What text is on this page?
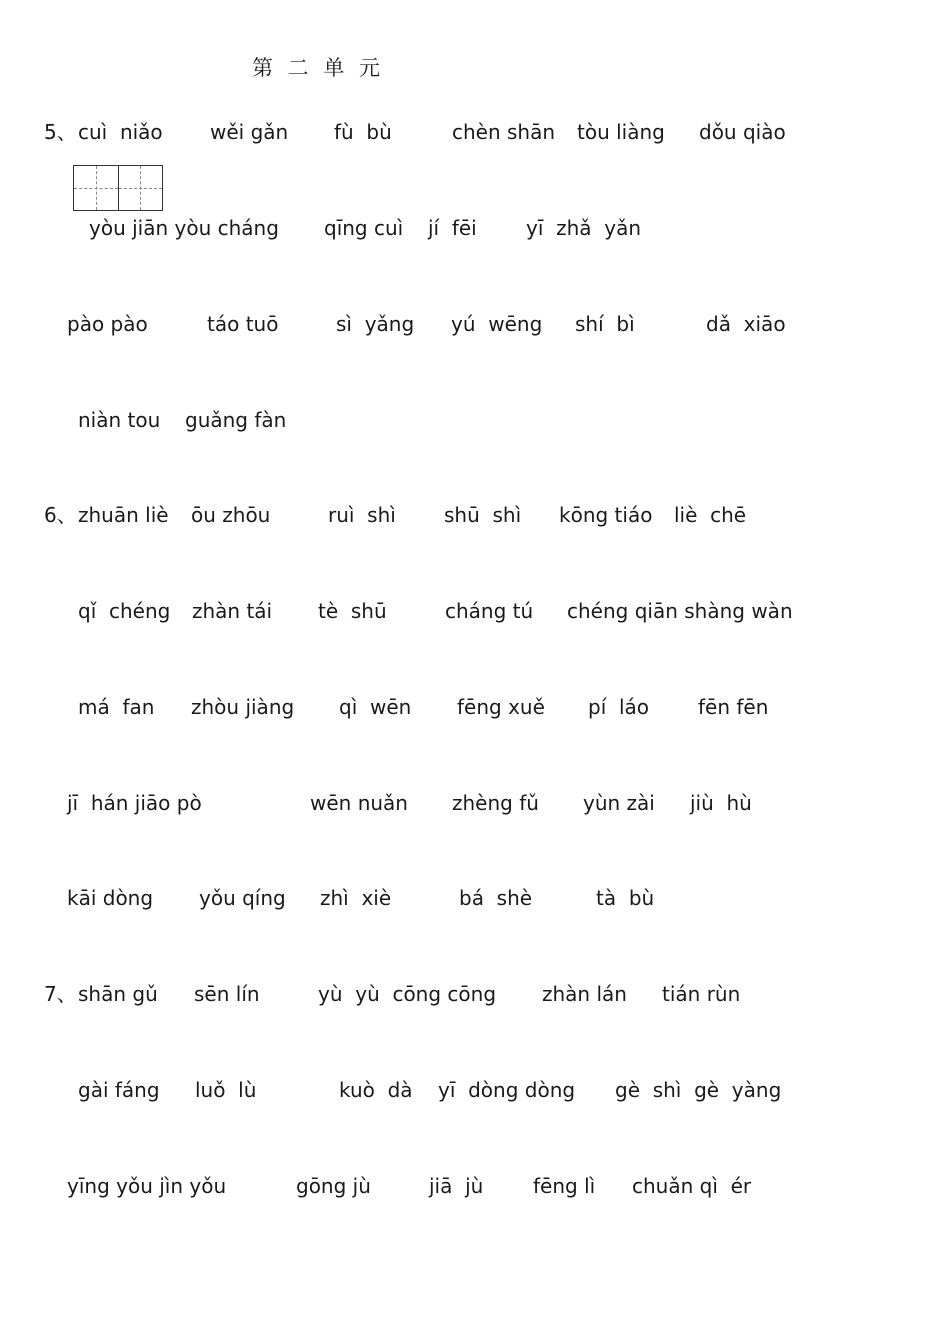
第 二 单 元
5、
6、
7、
cuì  niǎo wěi gǎn fù  bù	chèn shān tòu liàng dǒu qiào
yòu jiān yòu cháng qīng cuì jí  fēi yī  zhǎ  yǎn
pào pào	táo tuō	sì  yǎng yú  wēng shí  bì	dǎ  xiāo
niàn tou guǎng fàn
zhuān liè ōu zhōu	ruì  shì shū  shì kōng tiáo liè  chē
qǐ  chéng zhàn tái tè  shū	cháng tú chéng qiān shàng wàn
má  fan zhòu jiàng qì  wēn fēng xuě pí  láo fēn fēn
jī  hán jiāo pò	wēn nuǎn zhèng fǔ yùn zài jiù  hù
kāi dòng yǒu qíng zhì  xiè	bá  shè	tà  bù
shān gǔ sēn lín	yù  yù  cōng cōng zhàn lán tián rùn
gài fáng luǒ  lù	kuò  dà yī  dòng dòng gè  shì  gè  yàng
yīng yǒu jìn yǒu	gōng jù	jiā  jù fēng lì chuǎn qì  ér
